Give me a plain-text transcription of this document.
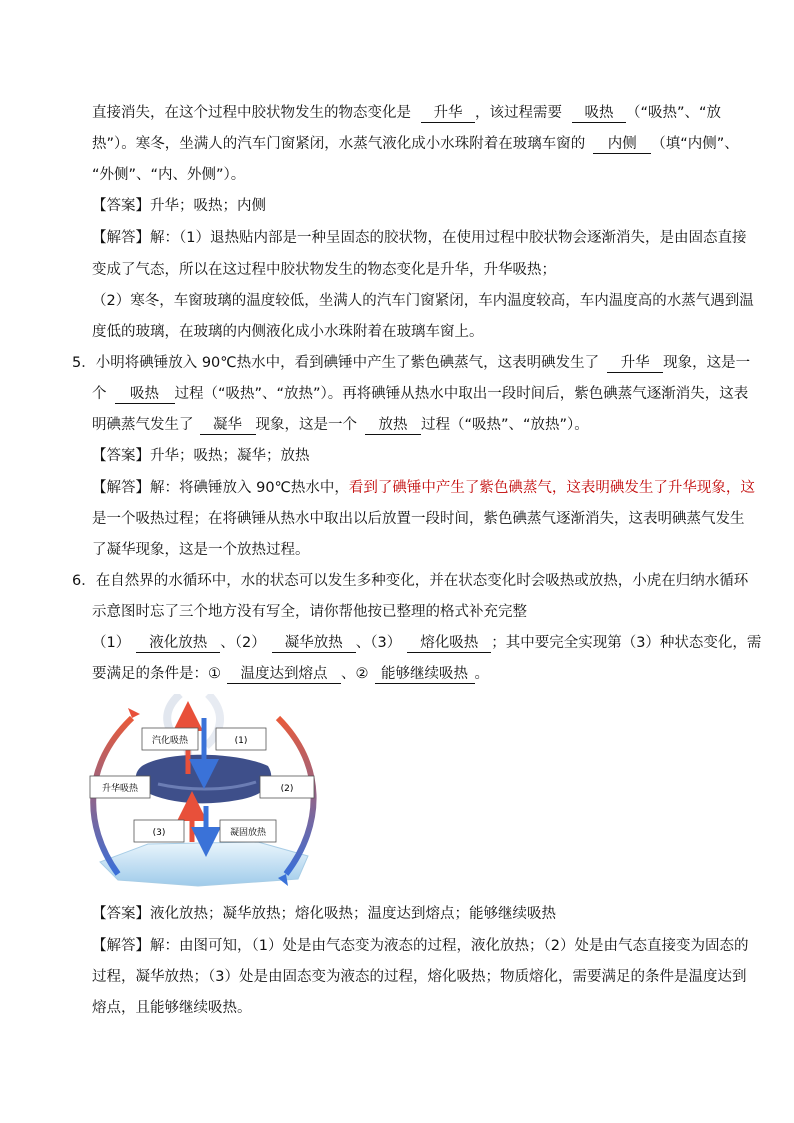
直接消失，在这个过程中胶状物发生的物态变化是 升华 ，该过程需要 吸热 （“吸热”、“放
热”）。寒冬，坐满人的汽车门窗紧闭，水蒸气液化成小水珠附着在玻璃车窗的 内侧 （填“内侧”、
“外侧”、“内、外侧”）。
【答案】升华；吸热；内侧
【解答】解：（1）退热贴内部是一种呈固态的胶状物，在使用过程中胶状物会逐渐消失，是由固态直接
变成了气态，所以在这过程中胶状物发生的物态变化是升华，升华吸热；
（2）寒冬，车窗玻璃的温度较低，坐满人的汽车门窗紧闭，车内温度较高，车内温度高的水蒸气遇到温
度低的玻璃，在玻璃的内侧液化成小水珠附着在玻璃车窗上。
5．小明将碘锤放入 90℃热水中，看到碘锤中产生了紫色碘蒸气，这表明碘发生了 升华 现象，这是一
个 吸热 过程（“吸热”、“放热”）。再将碘锤从热水中取出一段时间后，紫色碘蒸气逐渐消失，这表
明碘蒸气发生了 凝华 现象，这是一个 放热 过程（“吸热”、“放热”）。
【答案】升华；吸热；凝华；放热
【解答】解：将碘锤放入 90℃热水中，看到了碘锤中产生了紫色碘蒸气，这表明碘发生了升华现象，这
是一个吸热过程；在将碘锤从热水中取出以后放置一段时间，紫色碘蒸气逐渐消失，这表明碘蒸气发生
了凝华现象，这是一个放热过程。
6．在自然界的水循环中，水的状态可以发生多种变化，并在状态变化时会吸热或放热，小虎在归纳水循环
示意图时忘了三个地方没有写全，请你帮他按已整理的格式补充完整
（1） 液化放热 、（2） 凝华放热 、（3） 熔化吸热 ；其中要完全实现第（3）种状态变化，需
要满足的条件是：① 温度达到熔点 、② 能够继续吸热 。
汽化吸热	(1)
升华吸热	(2)
(3)	凝固放热
【答案】液化放热；凝华放热；熔化吸热；温度达到熔点；能够继续吸热
【解答】解：由图可知，（1）处是由气态变为液态的过程，液化放热；（2）处是由气态直接变为固态的
过程，凝华放热；（3）处是由固态变为液态的过程，熔化吸热；物质熔化，需要满足的条件是温度达到
熔点，且能够继续吸热。
